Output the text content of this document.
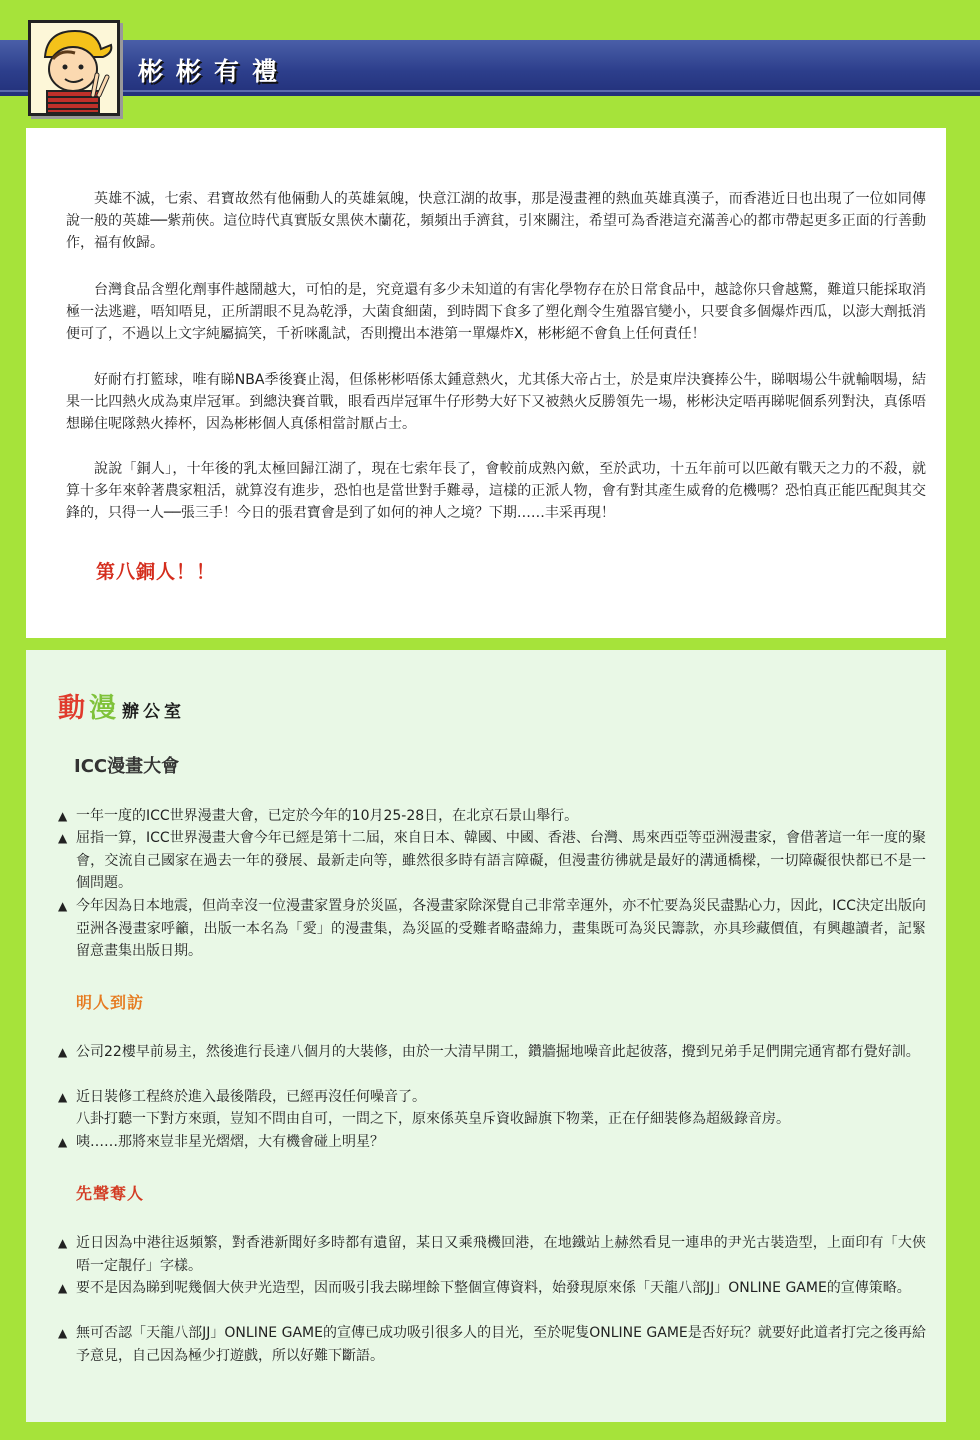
彬彬有禮
英雄不滅，七索、君寶故然有他倆動人的英雄氣魄，快意江湖的故事，那是漫畫裡的熱血英雄真漢子，而香港近日也出現了一位如同傳說一般的英雄──紫荊俠。這位時代真實版女黑俠木蘭花，頻頻出手濟貧，引來關注，希望可為香港這充滿善心的都市帶起更多正面的行善動作，福有攸歸。
台灣食品含塑化劑事件越鬧越大，可怕的是，究竟還有多少未知道的有害化學物存在於日常食品中，越諗你只會越驚，難道只能採取消極一法逃避，唔知唔見，正所謂眼不見為乾淨，大菌食細菌，到時閻下食多了塑化劑令生殖器官變小，只要食多個爆炸西瓜，以澎大劑抵消便可了，不過以上文字純屬搞笑，千祈咪亂試，否則攪出本港第一單爆炸X，彬彬絕不會負上任何責任！
好耐冇打籃球，唯有睇NBA季後賽止渴，但係彬彬唔係太鍾意熱火，尤其係大帝占士，於是東岸決賽捧公牛，睇咽場公牛就輸咽場，結果一比四熱火成為東岸冠軍。到總決賽首戰，眼看西岸冠軍牛仔形勢大好下又被熱火反勝領先一場，彬彬決定唔再睇呢個系列對決，真係唔想睇住呢隊熱火捧杯，因為彬彬個人真係相當討厭占士。
說說「銅人」，十年後的乳太極回歸江湖了，現在七索年長了，會較前成熟內歛，至於武功，十五年前可以匹敵有戰天之力的不殺，就算十多年來幹著農家粗活，就算沒有進步，恐怕也是當世對手難尋，這樣的正派人物，會有對其產生威脅的危機嗎？恐怕真正能匹配與其交鋒的，只得一人──張三手！今日的張君寶會是到了如何的神人之境？下期……丰采再現！
第八銅人！！
動 漫 辦公室
ICC漫畫大會
▲ 一年一度的ICC世界漫畫大會，已定於今年的10月25-28日，在北京石景山舉行。
▲ 屈指一算，ICC世界漫畫大會今年已經是第十二屆，來自日本、韓國、中國、香港、台灣、馬來西亞等亞洲漫畫家，會借著這一年一度的聚會，交流自己國家在過去一年的發展、最新走向等，雖然很多時有語言障礙，但漫畫彷彿就是最好的溝通橋樑，一切障礙很快都已不是一個問題。
▲ 今年因為日本地震，但尚幸沒一位漫畫家置身於災區，各漫畫家除深覺自己非常幸運外，亦不忙要為災民盡點心力，因此，ICC決定出版向亞洲各漫畫家呼籲，出版一本名為「愛」的漫畫集，為災區的受難者略盡綿力，畫集既可為災民籌款，亦具珍藏價值，有興趣讀者，記緊留意畫集出版日期。
明人到訪
▲ 公司22樓早前易主，然後進行長達八個月的大裝修，由於一大清早開工，鑽牆掘地噪音此起彼落，攪到兄弟手足們開完通宵都冇覺好訓。
▲ 近日裝修工程終於進入最後階段，已經再沒任何噪音了。
八卦打聽一下對方來頭，豈知不問由自可，一問之下，原來係英皇斥資收歸旗下物業，正在仔細裝修為超級錄音房。
▲ 咦……那將來豈非星光熠熠，大有機會碰上明星？
先聲奪人
▲ 近日因為中港往返頻繁，對香港新聞好多時都有遺留，某日又乘飛機回港，在地鐵站上赫然看見一連串的尹光古裝造型，上面印有「大俠唔一定靚仔」字樣。
▲ 要不是因為睇到呢幾個大俠尹光造型，因而吸引我去睇埋餘下整個宣傳資料，始發現原來係「天龍八部JJ」ONLINE GAME的宣傳策略。
▲ 無可否認「天龍八部JJ」ONLINE GAME的宣傳已成功吸引很多人的目光，至於呢隻ONLINE GAME是否好玩？就要好此道者打完之後再給予意見，自己因為極少打遊戲，所以好難下斷語。
